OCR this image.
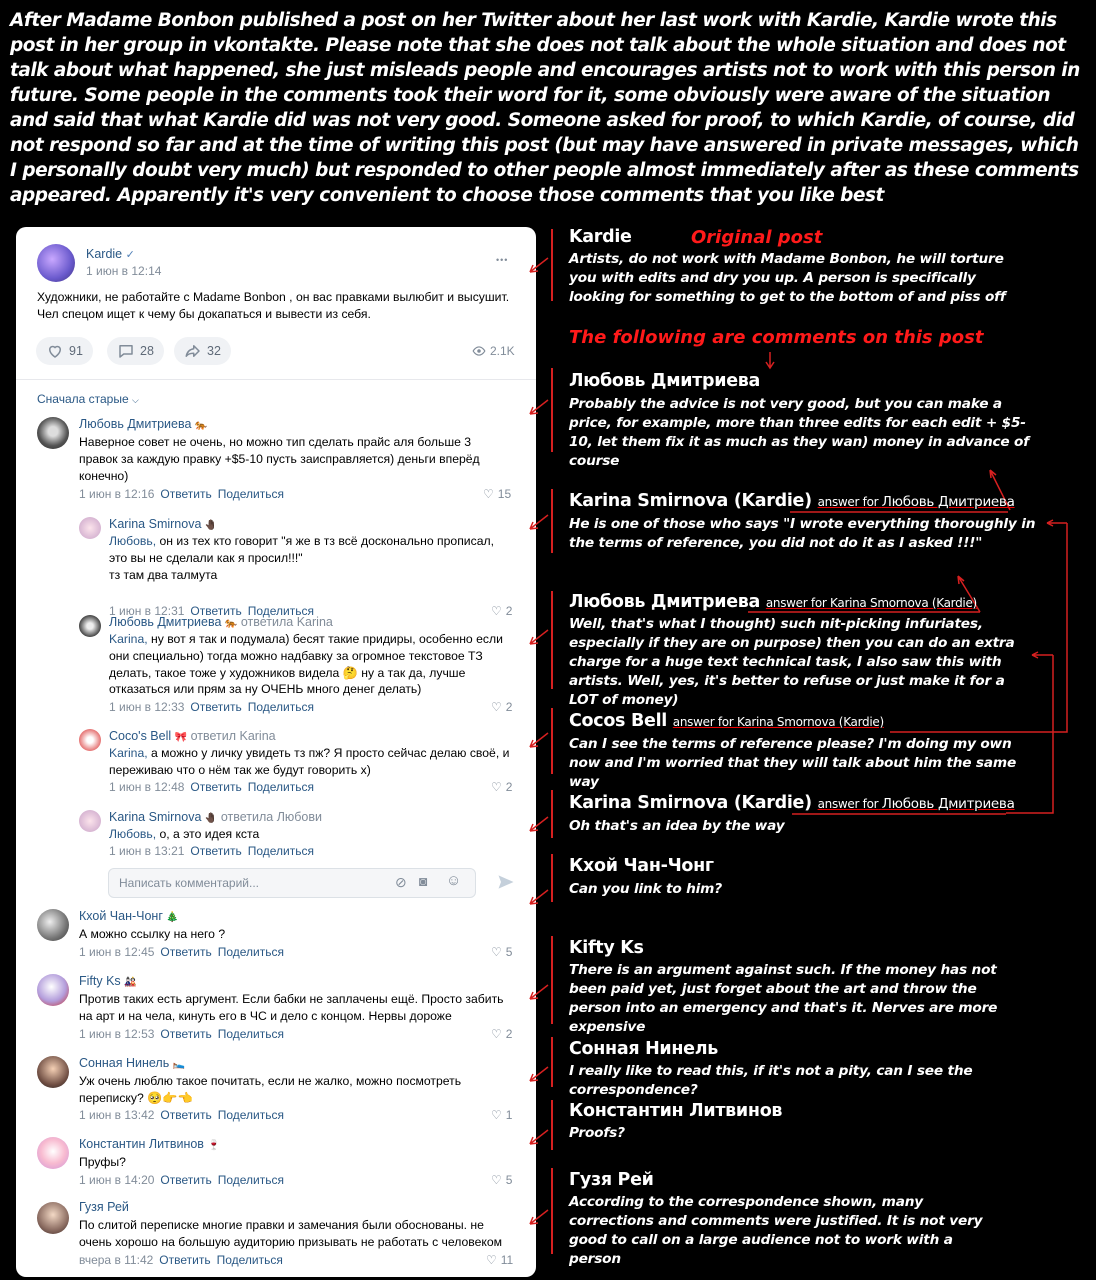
After Madame Bonbon published a post on her Twitter about her last work with Kardie, Kardie wrote this post in her group in vkontakte. Please note that she does not talk about the whole situation and does not talk about what happened, she just misleads people and encourages artists not to work with this person in future. Some people in the comments took their word for it, some obviously were aware of the situation and said that what Kardie did was not very good. Someone asked for proof, to which Kardie, of course, did not respond so far and at the time of writing this post (but may have answered in private messages, which I personally doubt very much) but responded to other people almost immediately after as these comments appeared. Apparently it's very convenient to choose those comments that you like best

Kardie ✓
1 июн в 12:14
•••
Художники, не работайте с Madame Bonbon , он вас правками вылюбит и высушит. Чел спецом ищет к чему бы докапаться и вывести из себя.
91	28	32	2.1K
Сначала старые ⌵
Любовь Дмитриева 🐅
Наверное совет не очень, но можно тип сделать прайс аля больше 3 правок за каждую правку +$5-10 пусть заисправляется) деньги вперёд конечно)
1 июн в 12:16 Ответить Поделиться	♡ 15
Karina Smirnova 🤚🏿
Любовь, он из тех кто говорит "я же в тз всё досконально прописал, это вы не сделали как я просил!!!"
тз там два талмута
1 июн в 12:31 Ответить Поделиться	♡ 2
Любовь Дмитриева 🐅 ответила Karina
Karina, ну вот я так и подумала) бесят такие придиры, особенно если они специально) тогда можно надбавку за огромное текстовое ТЗ делать, такое тоже у художников видела 🤔 ну а так да, лучше отказаться или прям за ну ОЧЕНЬ много денег делать)
1 июн в 12:33 Ответить Поделиться	♡ 2
Coco's Bell 🎀 ответил Karina
Karina, а можно у личку увидеть тз пж? Я просто сейчас делаю своё, и переживаю что о нём так же будут говорить х)
1 июн в 12:48 Ответить Поделиться	♡ 2
Karina Smirnova 🤚🏿 ответила Любови
Любовь, о, а это идея кста
1 июн в 13:21 Ответить Поделиться
Написать комментарий...	⊘ ◙ ☺
Кхой Чан-Чонг 🎄
А можно ссылку на него ?
1 июн в 12:45 Ответить Поделиться	♡ 5
Fifty Ks 🎎
Против таких есть аргумент. Если бабки не заплачены ещё. Просто забить на арт и на чела, кинуть его в ЧС и дело с концом. Нервы дороже
1 июн в 12:53 Ответить Поделиться	♡ 2
Сонная Нинель 🛌
Уж очень люблю такое почитать, если не жалко, можно посмотреть переписку? 🥺👉👈
1 июн в 13:42 Ответить Поделиться	♡ 1
Константин Литвинов 🍷
Пруфы?
1 июн в 14:20 Ответить Поделиться	♡ 5
Гузя Рей
По слитой переписке многие правки и замечания были обоснованы. не очень хорошо на большую аудиторию призывать не работать с человеком
вчера в 11:42 Ответить Поделиться	♡ 11
Kardie	Original post
Artists, do not work with Madame Bonbon, he will torture you with edits and dry you up. A person is specifically looking for something to get to the bottom of and piss off
The following are comments on this post
Любовь Дмитриева
Probably the advice is not very good, but you can make a price, for example, more than three edits for each edit + $5-10, let them fix it as much as they wan) money in advance of course
Karina Smirnova (Kardie) answer for Любовь Дмитриева
He is one of those who says "I wrote everything thoroughly in the terms of reference, you did not do it as I asked !!!"
Любовь Дмитриева answer for Karina Smornova (Kardie)
Well, that's what I thought) such nit-picking infuriates, especially if they are on purpose) then you can do an extra charge for a huge text technical task, I also saw this with artists. Well, yes, it's better to refuse or just make it for a LOT of money)
Cocos Bell answer for Karina Smornova (Kardie)
Can I see the terms of reference please? I'm doing my own now and I'm worried that they will talk about him the same way
Karina Smirnova (Kardie) answer for Любовь Дмитриева
Oh that's an idea by the way
Кхой Чан-Чонг
Can you link to him?
Kifty Ks
There is an argument against such. If the money has not been paid yet, just forget about the art and throw the person into an emergency and that's it. Nerves are more expensive
Сонная Нинель
I really like to read this, if it's not a pity, can I see the correspondence?
Константин Литвинов
Proofs?
Гузя Рей
According to the correspondence shown, many corrections and comments were justified. It is not very good to call on a large audience not to work with a person
